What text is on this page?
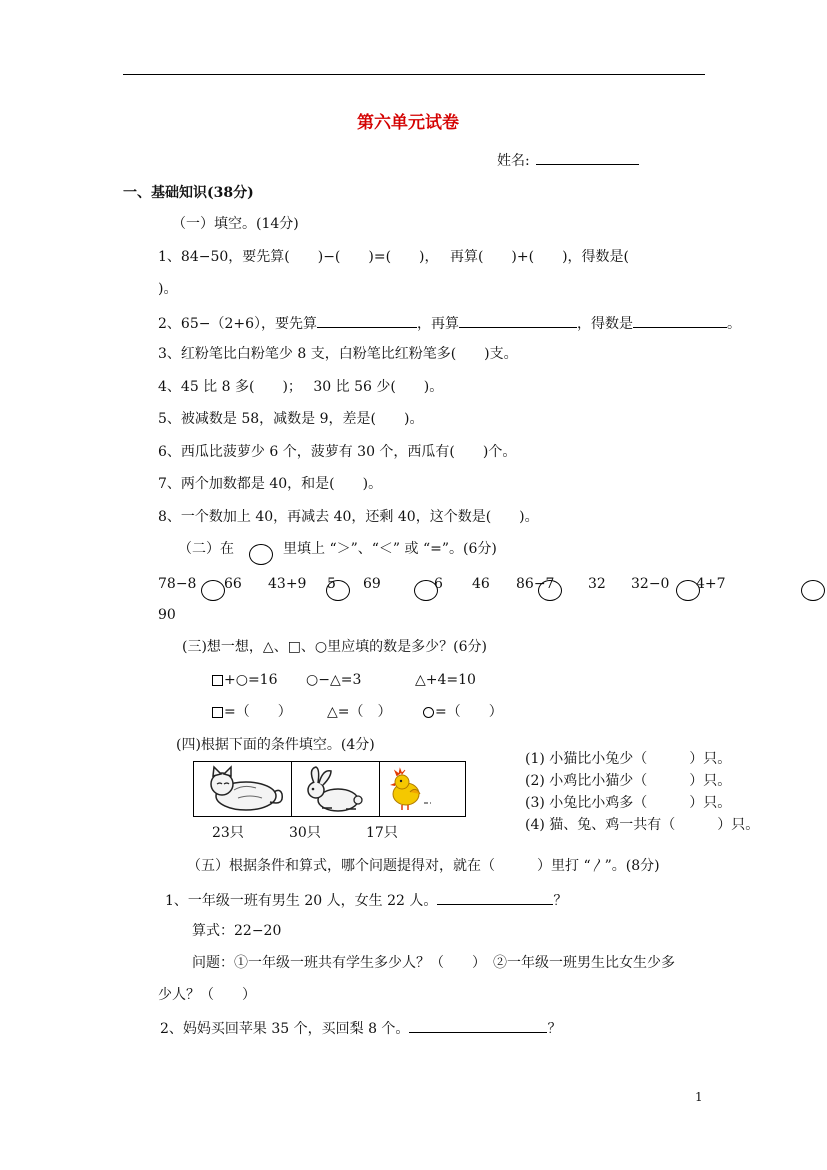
第六单元试卷
姓名:
一、基础知识(38分)
（一）填空。(14分)
1、84−50，要先算(　　)−(　　)=(　　)，　 再算(　　)+(　　)，得数是(
)。
2、65−（2+6），要先算	，再算	，得数是	。
3、红粉笔比白粉笔少 8 支，白粉笔比红粉笔多(　　)支。
4、45 比 8 多(　　)；　 30 比 56 少(　　)。
5、被减数是 58，减数是 9，差是(　　)。
6、西瓜比菠萝少 6 个，菠萝有 30 个，西瓜有(　　)个。
7、两个加数都是 40，和是(　　)。
8、一个数加上 40，再减去 40，还剩 40，这个数是(　　)。
（二）在	里填上 “＞”、“＜” 或 “=”。(6分)
78−8 66 43+9 5 69	6 46 86−7 32 32−0 4+7
90
(三)想一想，△、□、○里应填的数是多少？(6分)
+○=16 ○−△=3	△+4=10
=（　　）	△=（　）	=（　　）
(四)根据下面的条件填空。(4分)
23只	30只	17只
(1) 小猫比小兔少（　　　）只。
(2) 小鸡比小猫少（　　　）只。
(3) 小兔比小鸡多（　　　）只。
(4) 猫、兔、鸡一共有（　　　）只。
（五）根据条件和算式，哪个问题提得对，就在（　　　）里打 “〳”。(8分)
1、一年级一班有男生 20 人，女生 22 人。	？
算式：22−20
问题：①一年级一班共有学生多少人？（　　）　②一年级一班男生比女生少多
少人？（　　）
2、妈妈买回苹果 35 个，买回梨 8 个。	？
1
